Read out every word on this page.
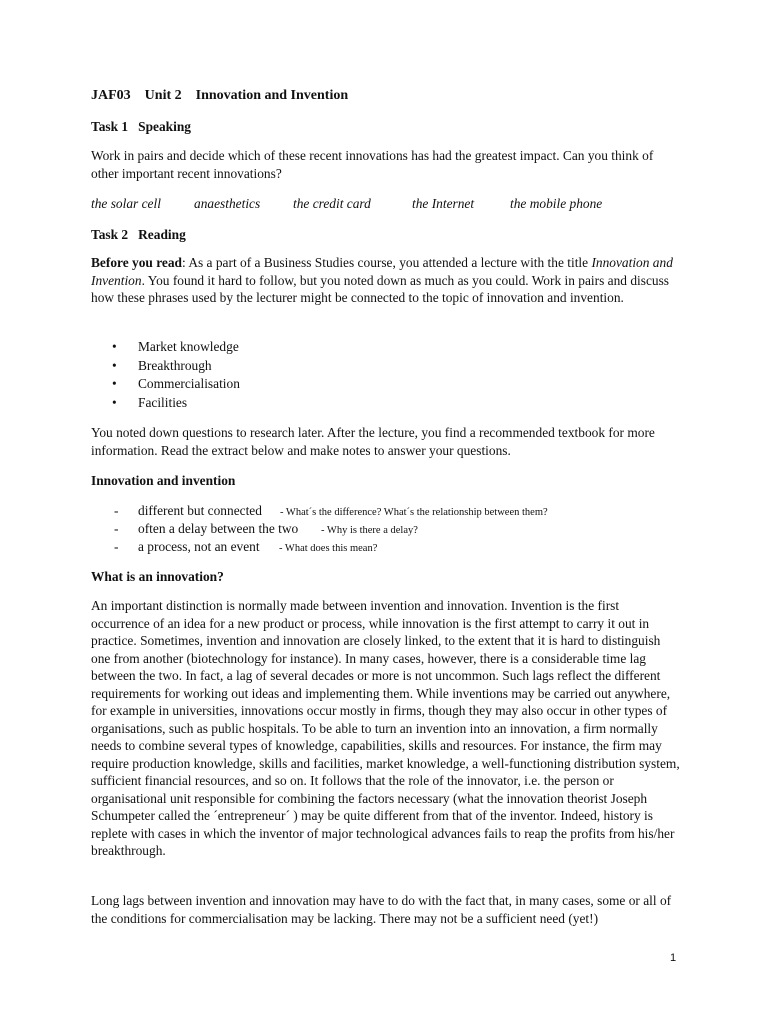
JAF03 Unit 2 Innovation and Invention
Task 1   Speaking

Work in pairs and decide which of these recent innovations has had the greatest impact. Can you think of other important recent innovations?

the solar cell anaesthetics the credit card	the Internet	the mobile phone
Task 2   Reading

Before you read: As a part of a Business Studies course, you attended a lecture with the title Innovation and Invention. You found it hard to follow, but you noted down as much as you could. Work in pairs and discuss how these phrases used by the lecturer might be connected to the topic of innovation and invention.

• Market knowledge
• Breakthrough
• Commercialisation
• Facilities

You noted down questions to research later. After the lecture, you find a recommended textbook for more information. Read the extract below and make notes to answer your questions.

Innovation and invention
- different but connected - What´s the difference? What´s the relationship between them?
- often a delay between the two - Why is there a delay?
- a process, not an event - What does this mean?
What is an innovation?

An important distinction is normally made between invention and innovation. Invention is the first occurrence of an idea for a new product or process, while innovation is the first attempt to carry it out in practice. Sometimes, invention and innovation are closely linked, to the extent that it is hard to distinguish one from another (biotechnology for instance). In many cases, however, there is a considerable time lag between the two. In fact, a lag of several decades or more is not uncommon. Such lags reflect the different requirements for working out ideas and implementing them. While inventions may be carried out anywhere, for example in universities, innovations occur mostly in firms, though they may also occur in other types of organisations, such as public hospitals. To be able to turn an invention into an innovation, a firm normally needs to combine several types of knowledge, capabilities, skills and resources. For instance, the firm may require production knowledge, skills and facilities, market knowledge, a well-functioning distribution system, sufficient financial resources, and so on. It follows that the role of the innovator, i.e. the person or organisational unit responsible for combining the factors necessary (what the innovation theorist Joseph Schumpeter called the ´entrepreneur´ ) may be quite different from that of the inventor. Indeed, history is replete with cases in which the inventor of major technological advances fails to reap the profits from his/her breakthrough.

Long lags between invention and innovation may have to do with the fact that, in many cases, some or all of the conditions for commercialisation may be lacking. There may not be a sufficient need (yet!)

1
